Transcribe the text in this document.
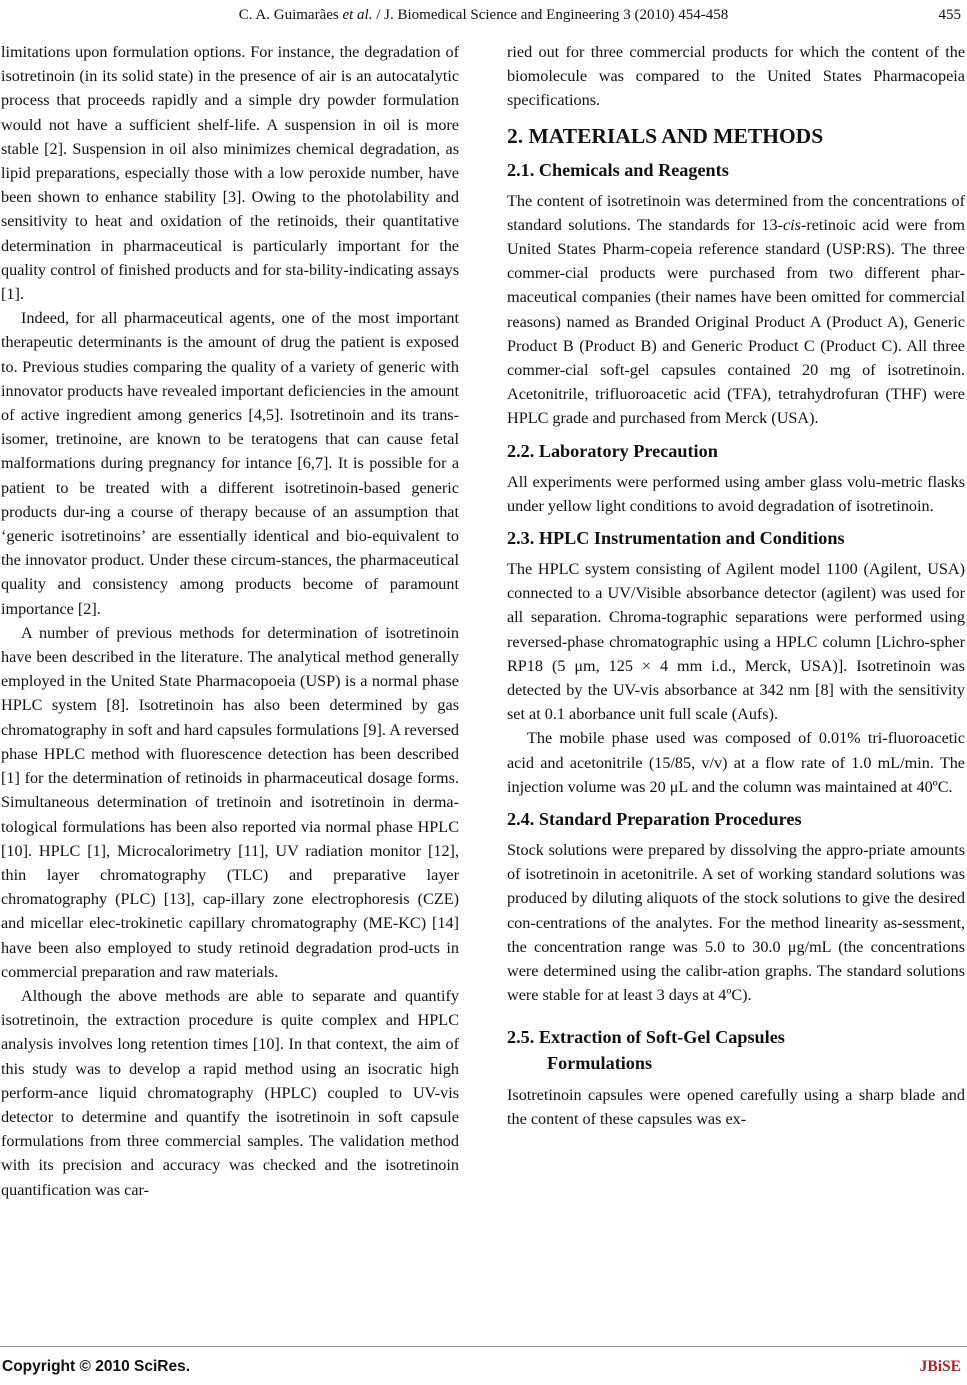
C. A. Guimarães et al. / J. Biomedical Science and Engineering 3 (2010) 454-458	455

limitations upon formulation options. For instance, the degradation of isotretinoin (in its solid state) in the presence of air is an autocatalytic process that proceeds rapidly and a simple dry powder formulation would not have a sufficient shelf-life. A suspension in oil is more stable [2]. Suspension in oil also minimizes chemical degradation, as lipid preparations, especially those with a low peroxide number, have been shown to enhance stability [3]. Owing to the photolability and sensitivity to heat and oxidation of the retinoids, their quantitative determination in pharmaceutical is particularly important for the quality control of finished products and for sta-bility-indicating assays [1].

Indeed, for all pharmaceutical agents, one of the most important therapeutic determinants is the amount of drug the patient is exposed to. Previous studies comparing the quality of a variety of generic with innovator products have revealed important deficiencies in the amount of active ingredient among generics [4,5]. Isotretinoin and its trans-isomer, tretinoine, are known to be teratogens that can cause fetal malformations during pregnancy for intance [6,7]. It is possible for a patient to be treated with a different isotretinoin-based generic products dur-ing a course of therapy because of an assumption that ‘generic isotretinoins’ are essentially identical and bio-equivalent to the innovator product. Under these circum-stances, the pharmaceutical quality and consistency among products become of paramount importance [2].

A number of previous methods for determination of isotretinoin have been described in the literature. The analytical method generally employed in the United State Pharmacopoeia (USP) is a normal phase HPLC system [8]. Isotretinoin has also been determined by gas chromatography in soft and hard capsules formulations [9]. A reversed phase HPLC method with fluorescence detection has been described [1] for the determination of retinoids in pharmaceutical dosage forms. Simultaneous determination of tretinoin and isotretinoin in derma-tological formulations has been also reported via normal phase HPLC [10]. HPLC [1], Microcalorimetry [11], UV radiation monitor [12], thin layer chromatography (TLC) and preparative layer chromatography (PLC) [13], cap-illary zone electrophoresis (CZE) and micellar elec-trokinetic capillary chromatography (ME-KC) [14] have been also employed to study retinoid degradation prod-ucts in commercial preparation and raw materials.

Although the above methods are able to separate and quantify isotretinoin, the extraction procedure is quite complex and HPLC analysis involves long retention times [10]. In that context, the aim of this study was to develop a rapid method using an isocratic high perform-ance liquid chromatography (HPLC) coupled to UV-vis detector to determine and quantify the isotretinoin in soft capsule formulations from three commercial samples. The validation method with its precision and accuracy was checked and the isotretinoin quantification was car-

ried out for three commercial products for which the content of the biomolecule was compared to the United States Pharmacopeia specifications.

2. MATERIALS AND METHODS
2.1. Chemicals and Reagents

The content of isotretinoin was determined from the concentrations of standard solutions. The standards for 13-cis-retinoic acid were from United States Pharm-copeia reference standard (USP:RS). The three commer-cial products were purchased from two different phar-maceutical companies (their names have been omitted for commercial reasons) named as Branded Original Product A (Product A), Generic Product B (Product B) and Generic Product C (Product C). All three commer-cial soft-gel capsules contained 20 mg of isotretinoin. Acetonitrile, trifluoroacetic acid (TFA), tetrahydrofuran (THF) were HPLC grade and purchased from Merck (USA).

2.2. Laboratory Precaution

All experiments were performed using amber glass volu-metric flasks under yellow light conditions to avoid degradation of isotretinoin.

2.3. HPLC Instrumentation and Conditions

The HPLC system consisting of Agilent model 1100 (Agilent, USA) connected to a UV/Visible absorbance detector (agilent) was used for all separation. Chroma-tographic separations were performed using reversed-phase chromatographic using a HPLC column [Lichro-spher RP18 (5 μm, 125 × 4 mm i.d., Merck, USA)]. Isotretinoin was detected by the UV-vis absorbance at 342 nm [8] with the sensitivity set at 0.1 aborbance unit full scale (Aufs).

The mobile phase used was composed of 0.01% tri-fluoroacetic acid and acetonitrile (15/85, v/v) at a flow rate of 1.0 mL/min. The injection volume was 20 μL and the column was maintained at 40ºC.

2.4. Standard Preparation Procedures

Stock solutions were prepared by dissolving the appro-priate amounts of isotretinoin in acetonitrile. A set of working standard solutions was produced by diluting aliquots of the stock solutions to give the desired con-centrations of the analytes. For the method linearity as-sessment, the concentration range was 5.0 to 30.0 μg/mL (the concentrations were determined using the calibr-ation graphs. The standard solutions were stable for at least 3 days at 4ºC).

2.5. Extraction of Soft-Gel Capsules
Formulations

Isotretinoin capsules were opened carefully using a sharp blade and the content of these capsules was ex-

Copyright © 2010 SciRes.	JBiSE
